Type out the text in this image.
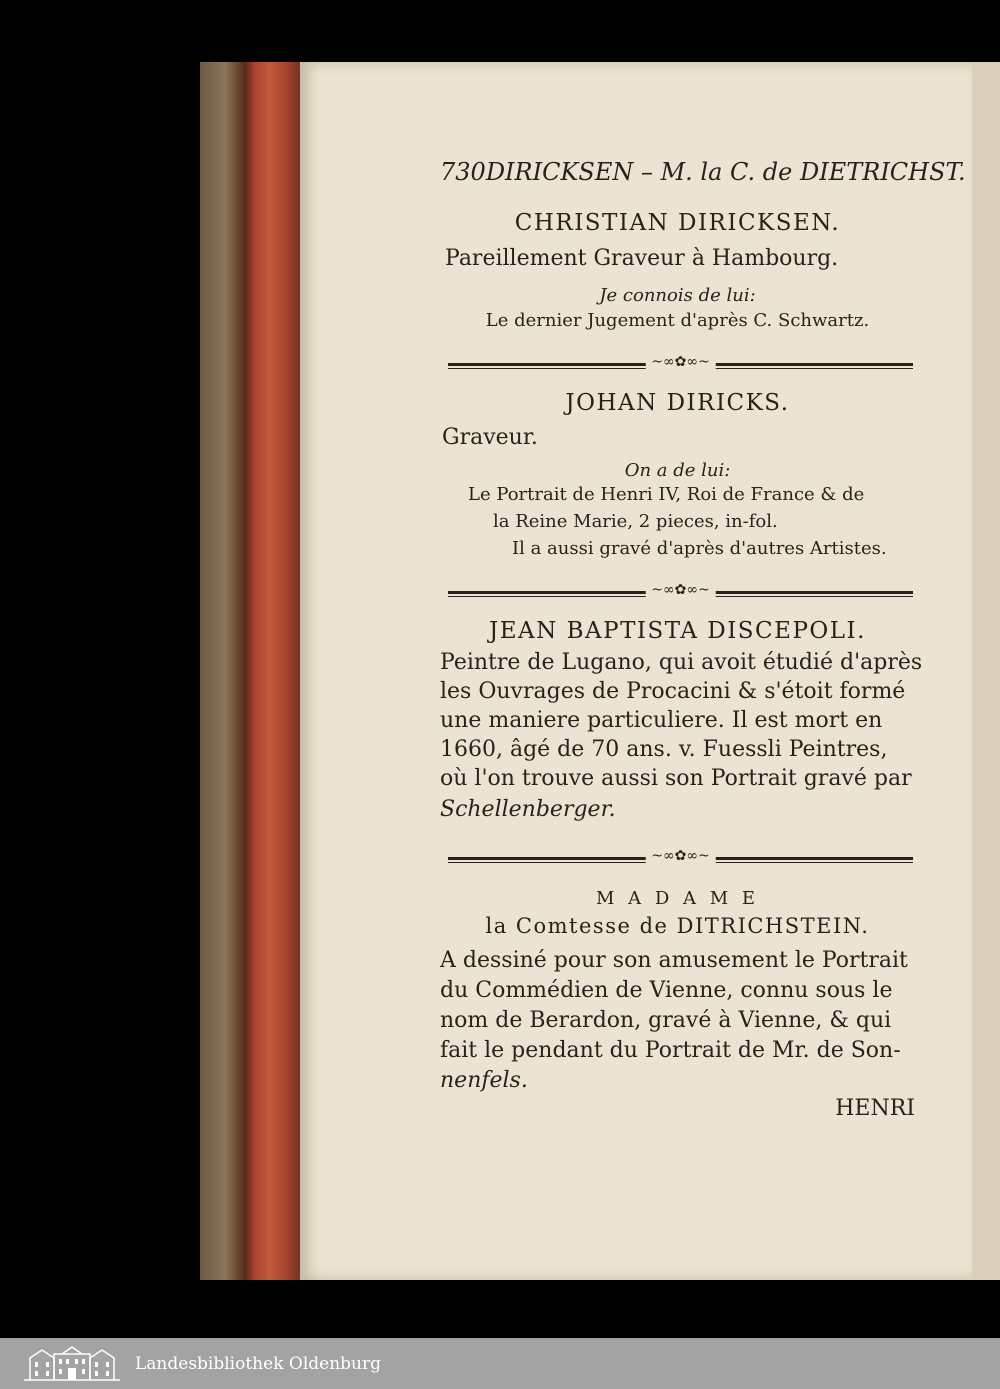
730 DIRICKSEN – M. la C. de DIETRICHST.
CHRISTIAN DIRICKSEN.
Pareillement Graveur à Hambourg.
Je connois de lui:
Le dernier Jugement d'après C. Schwartz.
~∞✿∞~
JOHAN DIRICKS.
Graveur.
On a de lui:
Le Portrait de Henri IV, Roi de France & de
la Reine Marie, 2 pieces, in-fol.
Il a aussi gravé d'après d'autres Artistes.
~∞✿∞~
JEAN BAPTISTA DISCEPOLI.
Peintre de Lugano, qui avoit étudié d'après
les Ouvrages de Procacini & s'étoit formé
une maniere particuliere. Il est mort en
1660, âgé de 70 ans. v. Fuessli Peintres,
où l'on trouve aussi son Portrait gravé par
Schellenberger.
~∞✿∞~
M A D A M E
la Comtesse de DITRICHSTEIN.
A dessiné pour son amusement le Portrait
du Commédien de Vienne, connu sous le
nom de Berardon, gravé à Vienne, & qui
fait le pendant du Portrait de Mr. de Son-
nenfels.
HENRI
Landesbibliothek Oldenburg
